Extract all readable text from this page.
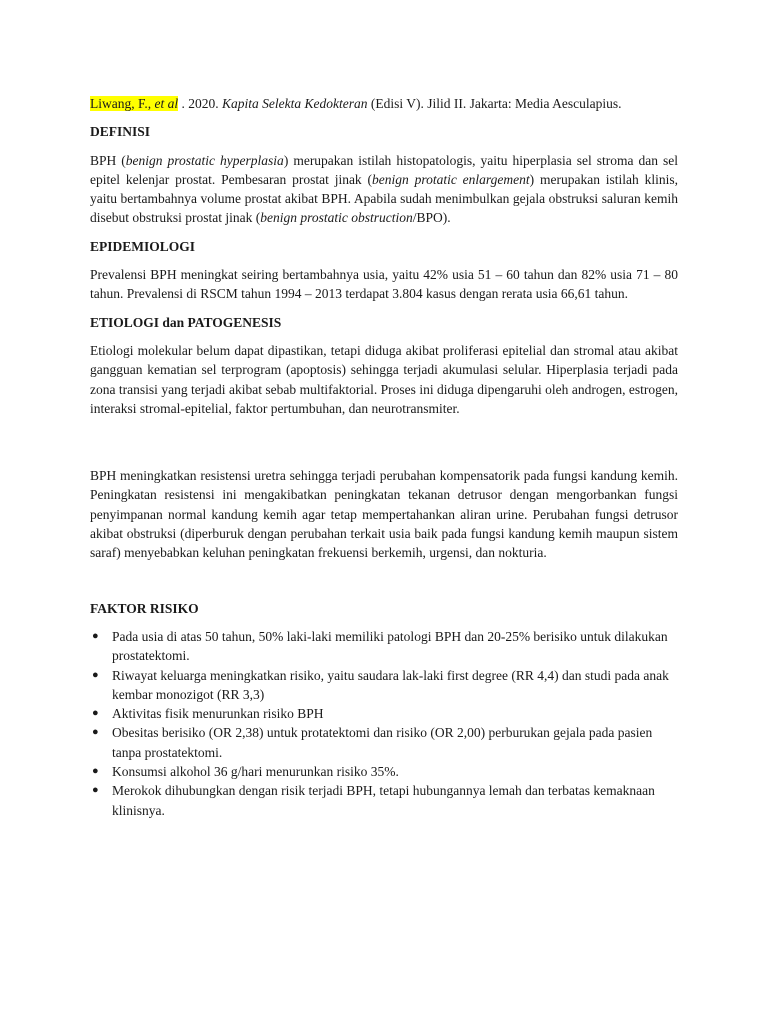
Liwang, F., et al . 2020. Kapita Selekta Kedokteran (Edisi V). Jilid II. Jakarta: Media Aesculapius.

DEFINISI

BPH (benign prostatic hyperplasia) merupakan istilah histopatologis, yaitu hiperplasia sel stroma dan sel epitel kelenjar prostat. Pembesaran prostat jinak (benign protatic enlargement) merupakan istilah klinis, yaitu bertambahnya volume prostat akibat BPH. Apabila sudah menimbulkan gejala obstruksi saluran kemih disebut obstruksi prostat jinak (benign prostatic obstruction/BPO).

EPIDEMIOLOGI

Prevalensi BPH meningkat seiring bertambahnya usia, yaitu 42% usia 51 – 60 tahun dan 82% usia 71 – 80 tahun. Prevalensi di RSCM tahun 1994 – 2013 terdapat 3.804 kasus dengan rerata usia 66,61 tahun.

ETIOLOGI dan PATOGENESIS

Etiologi molekular belum dapat dipastikan, tetapi diduga akibat proliferasi epitelial dan stromal atau akibat gangguan kematian sel terprogram (apoptosis) sehingga terjadi akumulasi selular. Hiperplasia terjadi pada zona transisi yang terjadi akibat sebab multifaktorial. Proses ini diduga dipengaruhi oleh androgen, estrogen, interaksi stromal-epitelial, faktor pertumbuhan, dan neurotransmiter.

BPH meningkatkan resistensi uretra sehingga terjadi perubahan kompensatorik pada fungsi kandung kemih. Peningkatan resistensi ini mengakibatkan peningkatan tekanan detrusor dengan mengorbankan fungsi penyimpanan normal kandung kemih agar tetap mempertahankan aliran urine. Perubahan fungsi detrusor akibat obstruksi (diperburuk dengan perubahan terkait usia baik pada fungsi kandung kemih maupun sistem saraf) menyebabkan keluhan peningkatan frekuensi berkemih, urgensi, dan nokturia.

FAKTOR RISIKO
● Pada usia di atas 50 tahun, 50% laki-laki memiliki patologi BPH dan 20-25% berisiko untuk dilakukan prostatektomi.
● Riwayat keluarga meningkatkan risiko, yaitu saudara lak-laki first degree (RR 4,4) dan studi pada anak kembar monozigot (RR 3,3)
● Aktivitas fisik menurunkan risiko BPH
● Obesitas berisiko (OR 2,38) untuk protatektomi dan risiko (OR 2,00) perburukan gejala pada pasien tanpa prostatektomi.
● Konsumsi alkohol 36 g/hari menurunkan risiko 35%.
● Merokok dihubungkan dengan risik terjadi BPH, tetapi hubungannya lemah dan terbatas kemaknaan klinisnya.
